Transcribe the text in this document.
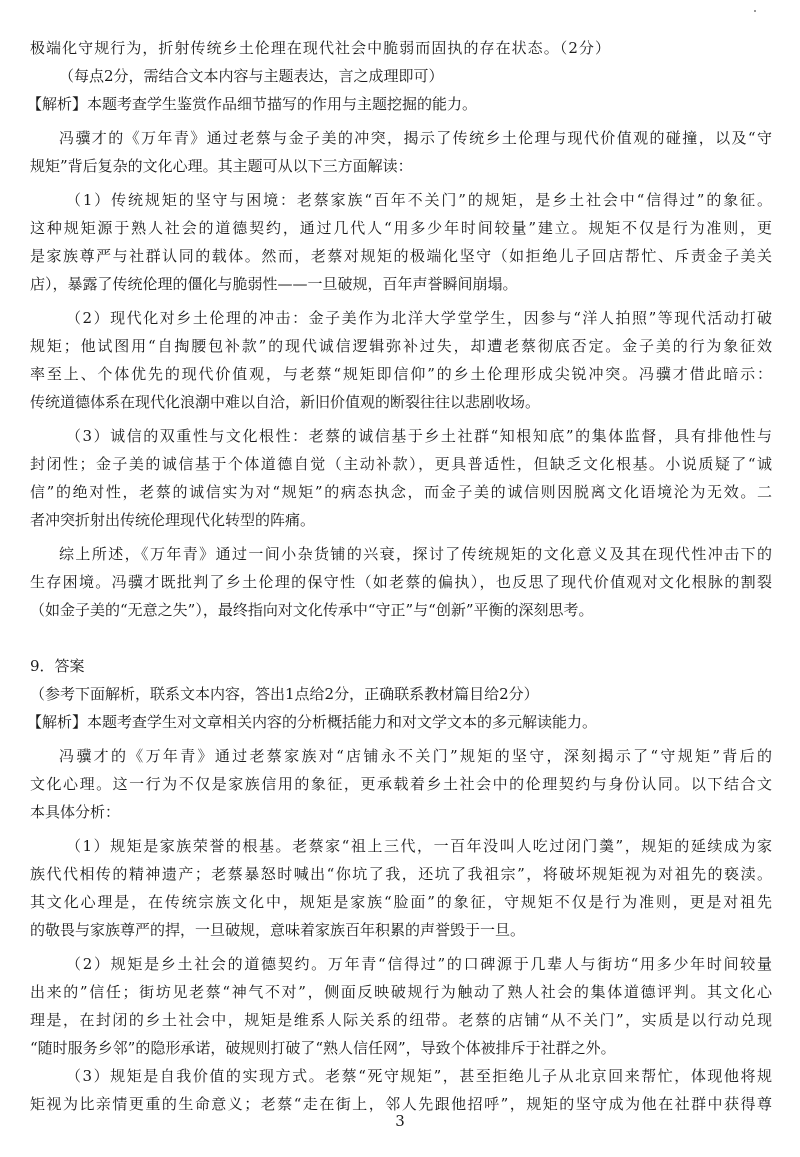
极端化守规行为，折射传统乡土伦理在现代社会中脆弱而固执的存在状态。（2分）

（每点2分，需结合文本内容与主题表达，言之成理即可）

【解析】本题考查学生鉴赏作品细节描写的作用与主题挖掘的能力。

冯骥才的《万年青》通过老蔡与金子美的冲突，揭示了传统乡土伦理与现代价值观的碰撞，以及“守

规矩”背后复杂的文化心理。其主题可从以下三方面解读：

（1）传统规矩的坚守与困境：老蔡家族“百年不关门”的规矩，是乡土社会中“信得过”的象征。

这种规矩源于熟人社会的道德契约，通过几代人“用多少年时间较量”建立。规矩不仅是行为准则，更

是家族尊严与社群认同的载体。然而，老蔡对规矩的极端化坚守（如拒绝儿子回店帮忙、斥责金子美关

店），暴露了传统伦理的僵化与脆弱性——一旦破规，百年声誉瞬间崩塌。

（2）现代化对乡土伦理的冲击：金子美作为北洋大学堂学生，因参与“洋人拍照”等现代活动打破

规矩；他试图用“自掏腰包补款”的现代诚信逻辑弥补过失，却遭老蔡彻底否定。金子美的行为象征效

率至上、个体优先的现代价值观，与老蔡“规矩即信仰”的乡土伦理形成尖锐冲突。冯骥才借此暗示：

传统道德体系在现代化浪潮中难以自洽，新旧价值观的断裂往往以悲剧收场。

（3）诚信的双重性与文化根性：老蔡的诚信基于乡土社群“知根知底”的集体监督，具有排他性与

封闭性；金子美的诚信基于个体道德自觉（主动补款），更具普适性，但缺乏文化根基。小说质疑了“诚

信”的绝对性，老蔡的诚信实为对“规矩”的病态执念，而金子美的诚信则因脱离文化语境沦为无效。二

者冲突折射出传统伦理现代化转型的阵痛。

综上所述，《万年青》通过一间小杂货铺的兴衰，探讨了传统规矩的文化意义及其在现代性冲击下的

生存困境。冯骥才既批判了乡土伦理的保守性（如老蔡的偏执），也反思了现代价值观对文化根脉的割裂

（如金子美的“无意之失”），最终指向对文化传承中“守正”与“创新”平衡的深刻思考。

9．答案

（参考下面解析，联系文本内容，答出1点给2分，正确联系教材篇目给2分）

【解析】本题考查学生对文章相关内容的分析概括能力和对文学文本的多元解读能力。

冯骥才的《万年青》通过老蔡家族对“店铺永不关门”规矩的坚守，深刻揭示了“守规矩”背后的

文化心理。这一行为不仅是家族信用的象征，更承载着乡土社会中的伦理契约与身份认同。以下结合文

本具体分析：

（1）规矩是家族荣誉的根基。老蔡家“祖上三代，一百年没叫人吃过闭门羹”，规矩的延续成为家

族代代相传的精神遗产；老蔡暴怒时喊出“你坑了我，还坑了我祖宗”，将破坏规矩视为对祖先的亵渎。

其文化心理是，在传统宗族文化中，规矩是家族“脸面”的象征，守规矩不仅是行为准则，更是对祖先

的敬畏与家族尊严的捍，一旦破规，意味着家族百年积累的声誉毁于一旦。

（2）规矩是乡土社会的道德契约。万年青“信得过”的口碑源于几辈人与街坊“用多少年时间较量

出来的”信任；街坊见老蔡“神气不对”，侧面反映破规行为触动了熟人社会的集体道德评判。其文化心

理是，在封闭的乡土社会中，规矩是维系人际关系的纽带。老蔡的店铺“从不关门”，实质是以行动兑现

“随时服务乡邻”的隐形承诺，破规则打破了“熟人信任网”，导致个体被排斥于社群之外。

（3）规矩是自我价值的实现方式。老蔡“死守规矩”，甚至拒绝儿子从北京回来帮忙，体现他将规

矩视为比亲情更重的生命意义；老蔡“走在街上，邻人先跟他招呼”，规矩的坚守成为他在社群中获得尊

3
